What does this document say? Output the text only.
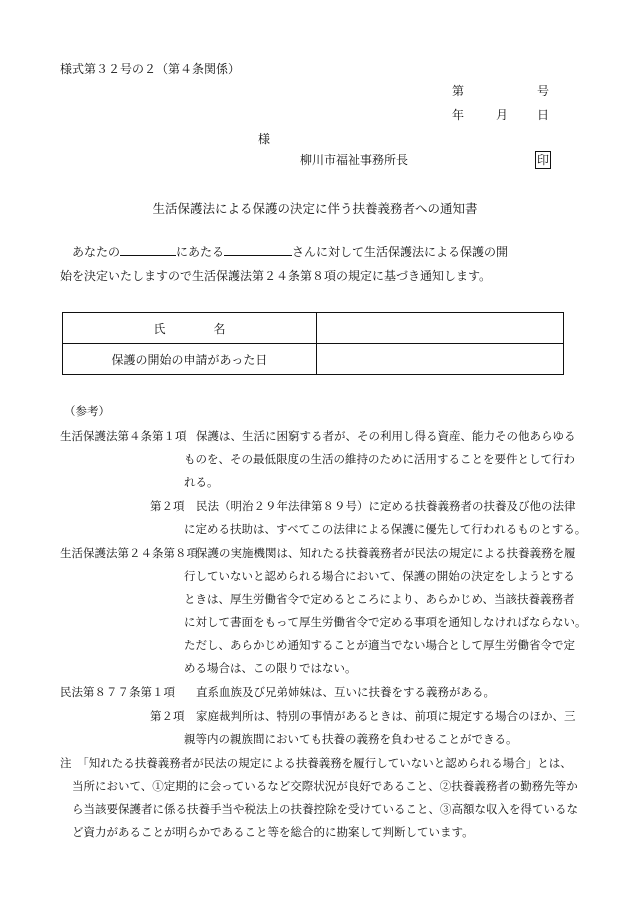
様式第３２号の２（第４条関係）
第	号
年	月 日
様
柳川市福祉事務所長	印
生活保護法による保護の決定に伴う扶養義務者への通知書
あなたの	にあたる	さんに対して生活保護法による保護の開
始を決定いたしますので生活保護法第２４条第８項の規定に基づき通知します。
氏　　　　名	
保護の開始の申請があった日	
（参考）
生活保護法第４条第１項 保護は、生活に困窮する者が、その利用し得る資産、能力その他あらゆる
ものを、その最低限度の生活の維持のために活用することを要件として行わ
れる。
第２項 民法（明治２９年法律第８９号）に定める扶養義務者の扶養及び他の法律
に定める扶助は、すべてこの法律による保護に優先して行われるものとする。
生活保護法第２４条第８項
保護の実施機関は、知れたる扶養義務者が民法の規定による扶養義務を履
行していないと認められる場合において、保護の開始の決定をしようとする
ときは、厚生労働省令で定めるところにより、あらかじめ、当該扶養義務者
に対して書面をもって厚生労働省令で定める事項を通知しなければならない。
ただし、あらかじめ通知することが適当でない場合として厚生労働省令で定
める場合は、この限りではない。
民法第８７７条第１項 直系血族及び兄弟姉妹は、互いに扶養をする義務がある。
第２項 家庭裁判所は、特別の事情があるときは、前項に規定する場合のほか、三
親等内の親族間においても扶養の義務を負わせることができる。
注　「知れたる扶養義務者が民法の規定による扶養義務を履行していないと認められる場合」とは、
当所において、①定期的に会っているなど交際状況が良好であること、②扶養義務者の勤務先等か
ら当該要保護者に係る扶養手当や税法上の扶養控除を受けていること、③高額な収入を得ているな
ど資力があることが明らかであること等を総合的に勘案して判断しています。
